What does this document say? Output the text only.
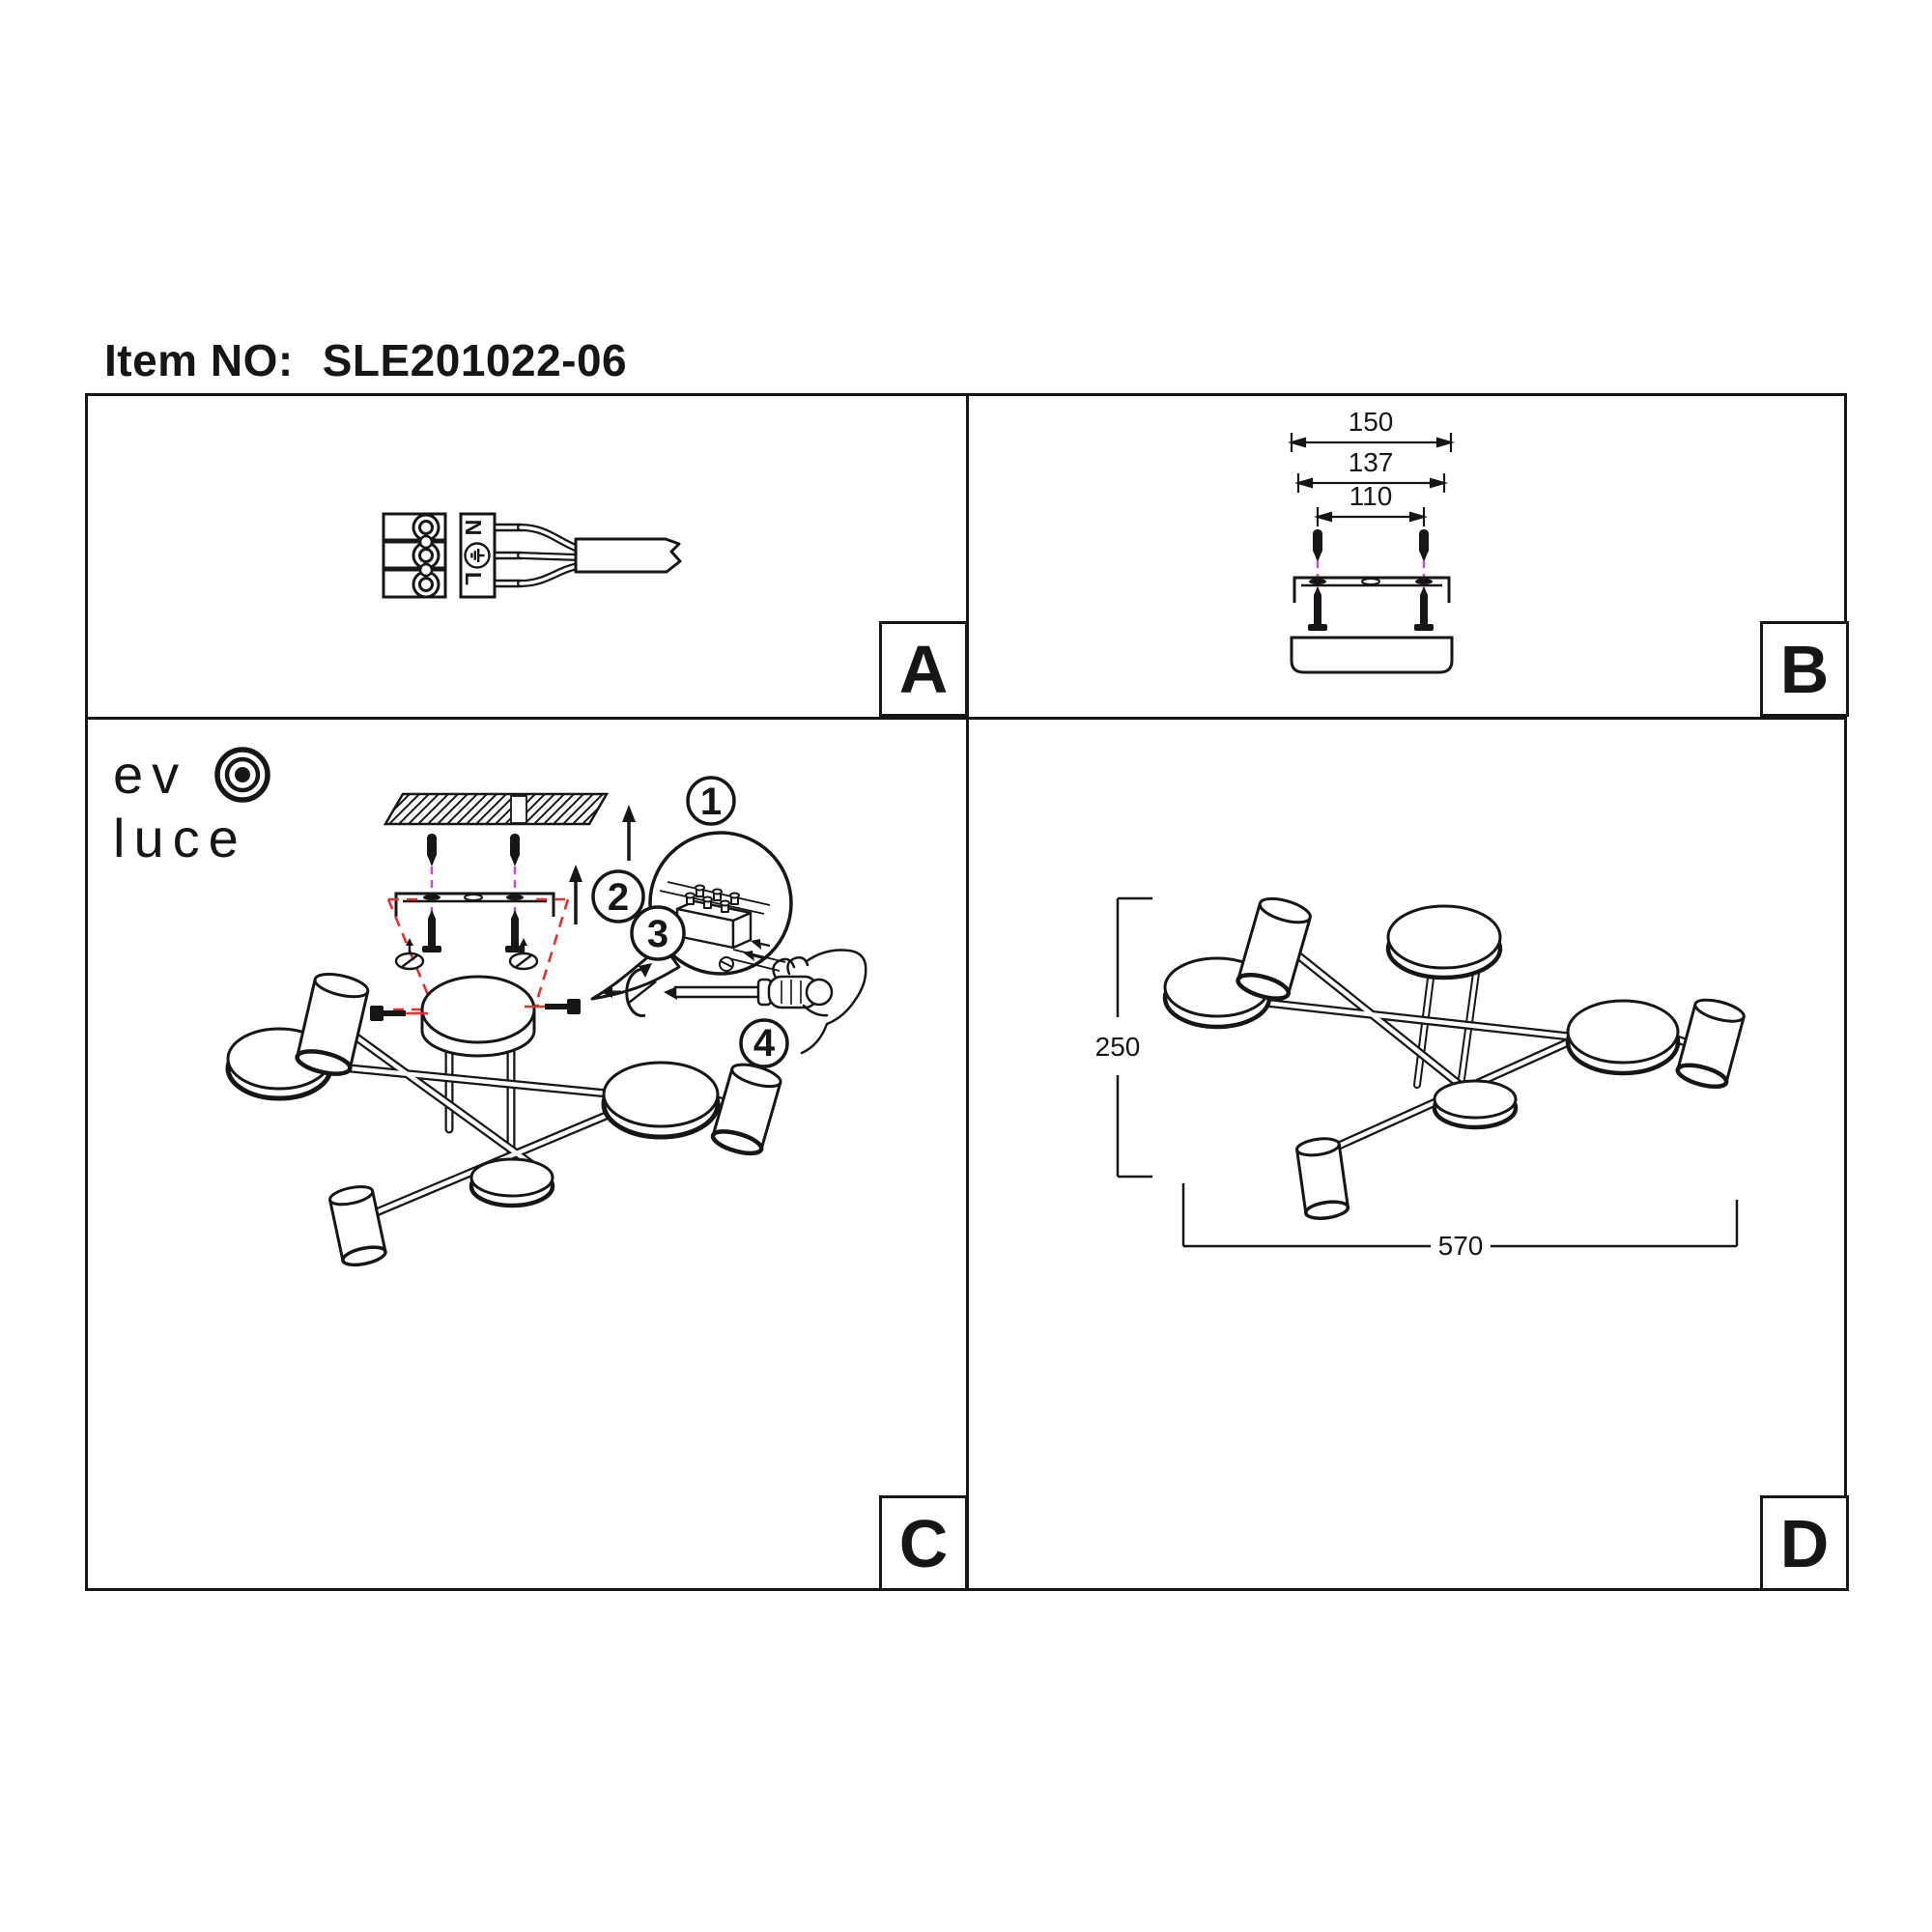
Item NO: SLE201022-06
N
L
150
137
110
ev
luce
1
2
3
4	250
570
A	B
C	D
